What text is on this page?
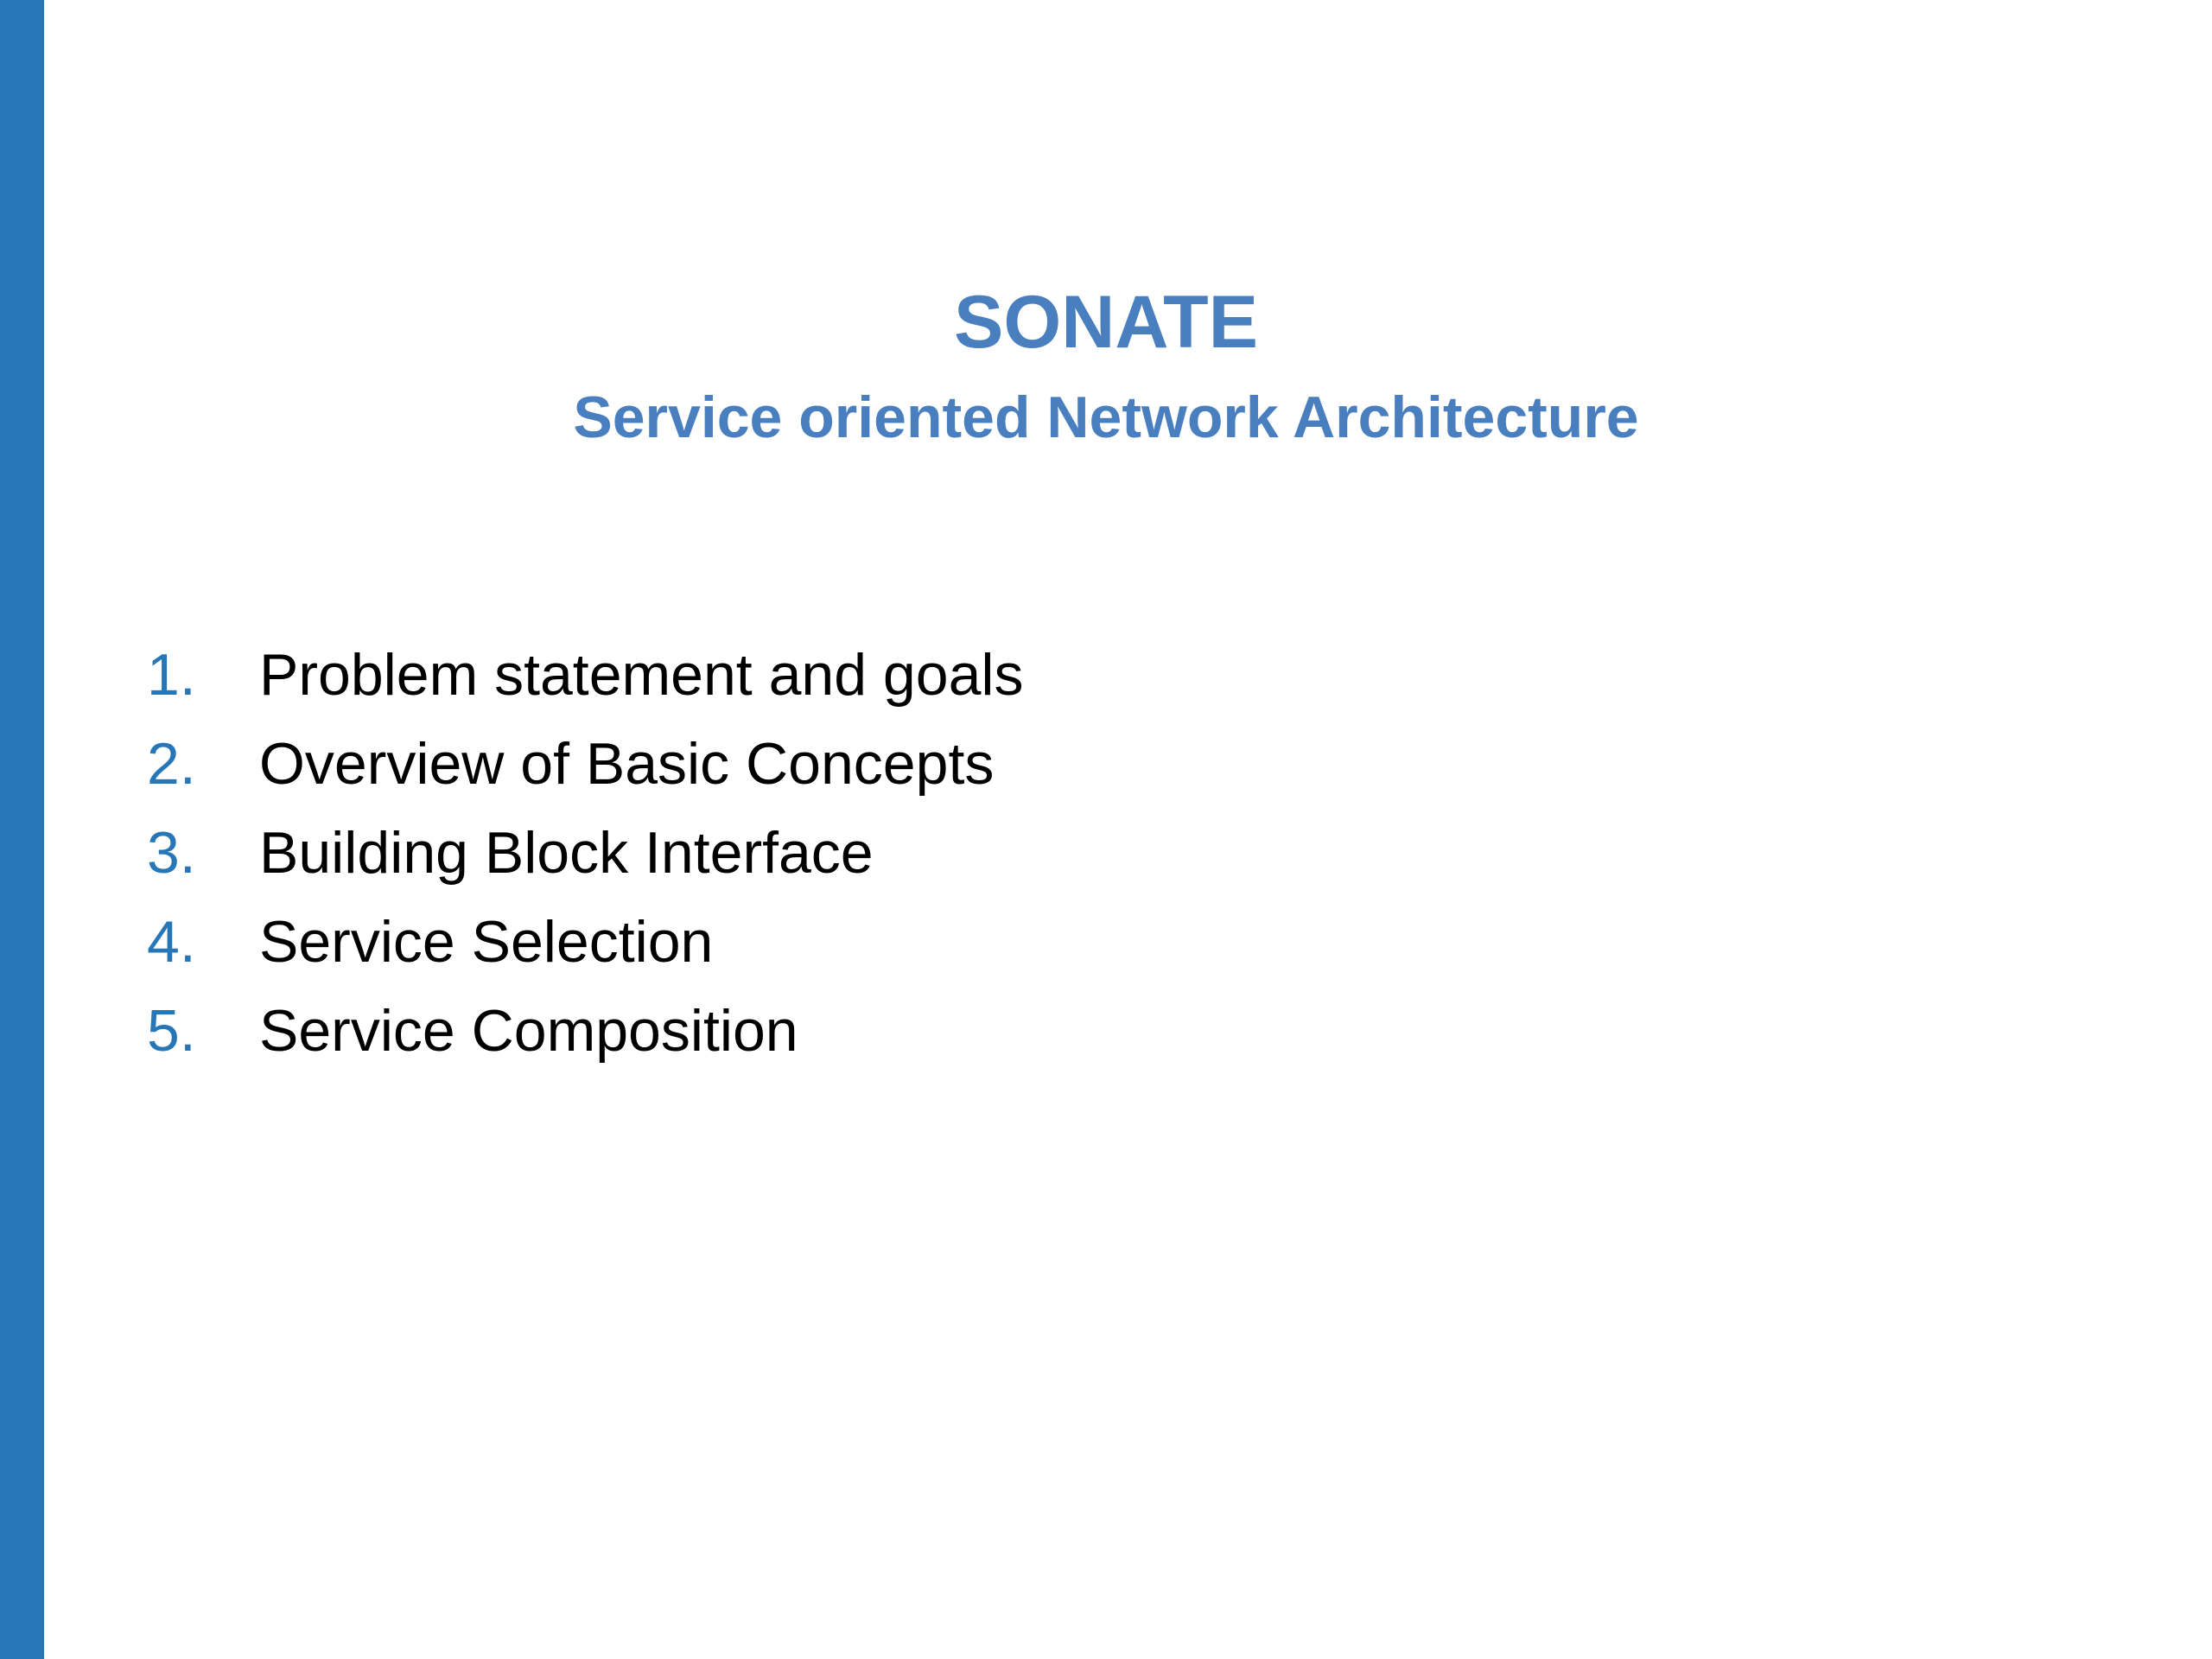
SONATE
Service oriented Network Architecture
1.	Problem statement and goals
2.	Overview of Basic Concepts
3.	Building Block Interface
4.	Service Selection
5.	Service Composition
